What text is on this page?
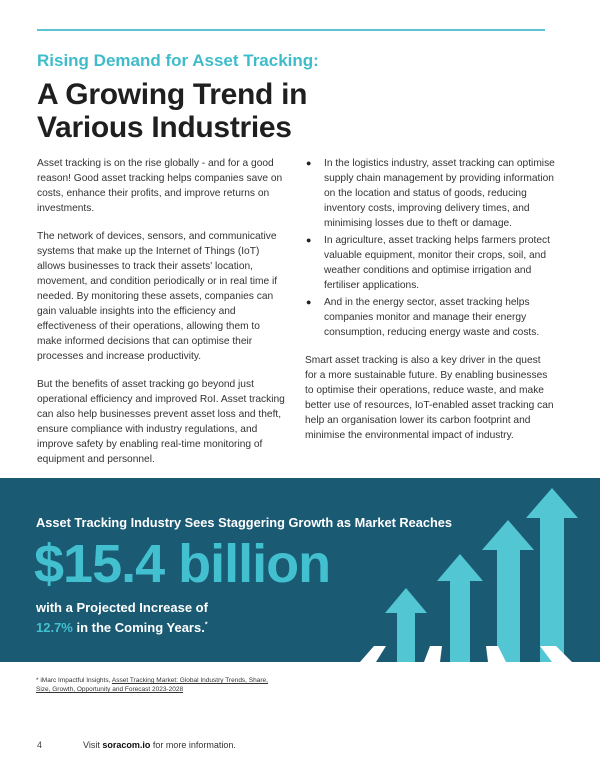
Rising Demand for Asset Tracking:
A Growing Trend in Various Industries

Asset tracking is on the rise globally - and for a good reason! Good asset tracking helps companies save on costs, enhance their profits, and improve returns on investments.

The network of devices, sensors, and communicative systems that make up the Internet of Things (IoT) allows businesses to track their assets' location, movement, and condition periodically or in real time if needed. By monitoring these assets, companies can gain valuable insights into the efficiency and effectiveness of their operations, allowing them to make informed decisions that can optimise their processes and increase productivity.

But the benefits of asset tracking go beyond just operational efficiency and improved RoI. Asset tracking can also help businesses prevent asset loss and theft, ensure compliance with industry regulations, and improve safety by enabling real-time monitoring of equipment and personnel.

● In the logistics industry, asset tracking can optimise supply chain management by providing information on the location and status of goods, reducing inventory costs, improving delivery times, and minimising losses due to theft or damage.
● In agriculture, asset tracking helps farmers protect valuable equipment, monitor their crops, soil, and weather conditions and optimise irrigation and fertiliser applications.
● And in the energy sector, asset tracking helps companies monitor and manage their energy consumption, reducing energy waste and costs.

Smart asset tracking is also a key driver in the quest for a more sustainable future. By enabling businesses to optimise their operations, reduce waste, and make better use of resources, IoT-enabled asset tracking can help an organisation lower its carbon footprint and minimise the environmental impact of industry.

Asset Tracking Industry Sees Staggering Growth as Market Reaches
$15.4 billion
with a Projected Increase of
12.7% in the Coming Years.*
* iMarc Impactful Insights, Asset Tracking Market: Global Industry Trends, Share, Size, Growth, Opportunity and Forecast 2023-2028
4	Visit soracom.io for more information.
